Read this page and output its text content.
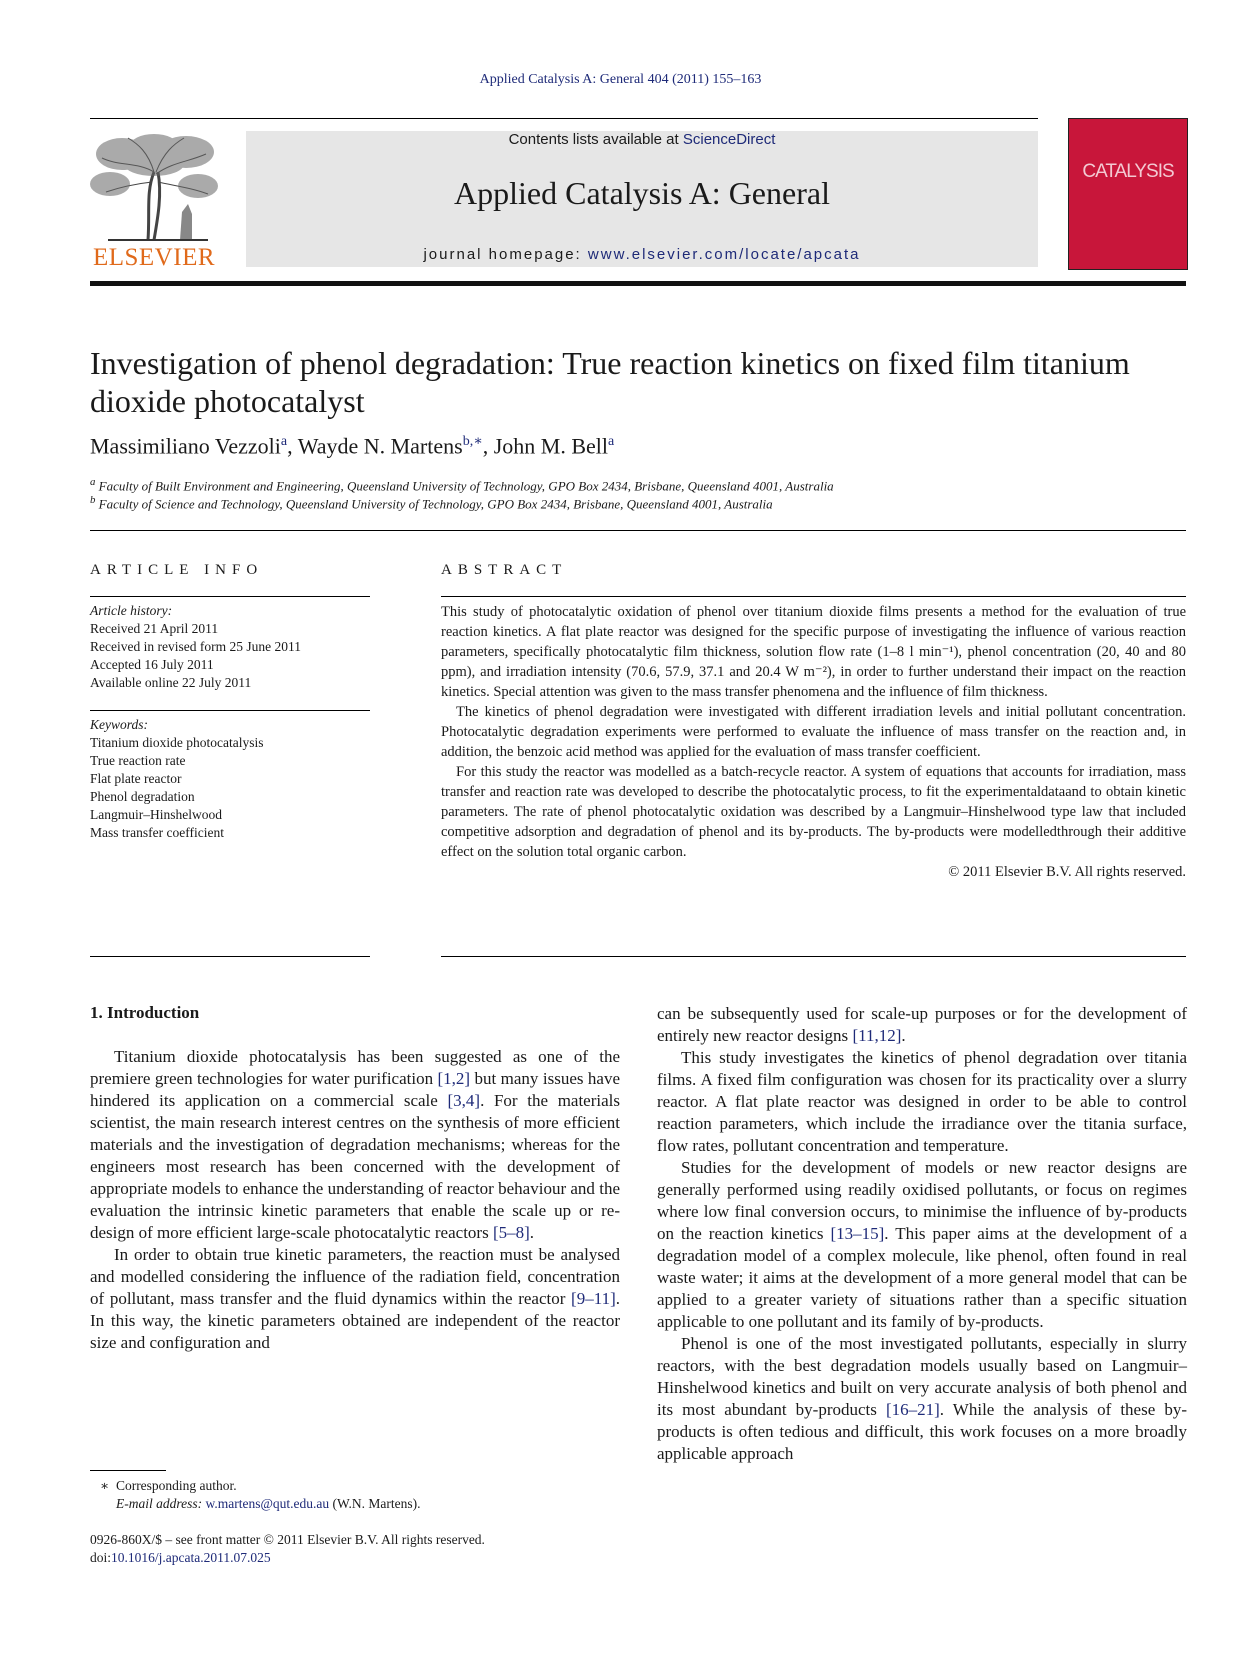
Applied Catalysis A: General 404 (2011) 155–163
ELSEVIER
Contents lists available at ScienceDirect
Applied Catalysis A: General
journal homepage: www.elsevier.com/locate/apcata
CATALYSIS
Investigation of phenol degradation: True reaction kinetics on fixed film titanium dioxide photocatalyst
Massimiliano Vezzoli$^a$, Wayde N. Martens$^{b,∗}$, John M. Bell$^a$
$^a$ Faculty of Built Environment and Engineering, Queensland University of Technology, GPO Box 2434, Brisbane, Queensland 4001, Australia
$^b$ Faculty of Science and Technology, Queensland University of Technology, GPO Box 2434, Brisbane, Queensland 4001, Australia
ARTICLE INFO
Article history:
Received 21 April 2011
Received in revised form 25 June 2011
Accepted 16 July 2011
Available online 22 July 2011
Keywords:
Titanium dioxide photocatalysis
True reaction rate
Flat plate reactor
Phenol degradation
Langmuir–Hinshelwood
Mass transfer coefficient
ABSTRACT

This study of photocatalytic oxidation of phenol over titanium dioxide films presents a method for the evaluation of true reaction kinetics. A flat plate reactor was designed for the specific purpose of investigating the influence of various reaction parameters, specifically photocatalytic film thickness, solution flow rate (1–8 l min⁻¹), phenol concentration (20, 40 and 80 ppm), and irradiation intensity (70.6, 57.9, 37.1 and 20.4 W m⁻²), in order to further understand their impact on the reaction kinetics. Special attention was given to the mass transfer phenomena and the influence of film thickness.

The kinetics of phenol degradation were investigated with different irradiation levels and initial pollutant concentration. Photocatalytic degradation experiments were performed to evaluate the influence of mass transfer on the reaction and, in addition, the benzoic acid method was applied for the evaluation of mass transfer coefficient.

For this study the reactor was modelled as a batch-recycle reactor. A system of equations that accounts for irradiation, mass transfer and reaction rate was developed to describe the photocatalytic process, to fit the experimentaldataand to obtain kinetic parameters. The rate of phenol photocatalytic oxidation was described by a Langmuir–Hinshelwood type law that included competitive adsorption and degradation of phenol and its by-products. The by-products were modelledthrough their additive effect on the solution total organic carbon.

© 2011 Elsevier B.V. All rights reserved.

1. Introduction

Titanium dioxide photocatalysis has been suggested as one of the premiere green technologies for water purification [1,2] but many issues have hindered its application on a commercial scale [3,4]. For the materials scientist, the main research interest centres on the synthesis of more efficient materials and the investigation of degradation mechanisms; whereas for the engineers most research has been concerned with the development of appropriate models to enhance the understanding of reactor behaviour and the evaluation the intrinsic kinetic parameters that enable the scale up or re-design of more efficient large-scale photocatalytic reactors [5–8].

In order to obtain true kinetic parameters, the reaction must be analysed and modelled considering the influence of the radiation field, concentration of pollutant, mass transfer and the fluid dynamics within the reactor [9–11]. In this way, the kinetic parameters obtained are independent of the reactor size and configuration and

can be subsequently used for scale-up purposes or for the development of entirely new reactor designs [11,12].

This study investigates the kinetics of phenol degradation over titania films. A fixed film configuration was chosen for its practicality over a slurry reactor. A flat plate reactor was designed in order to be able to control reaction parameters, which include the irradiance over the titania surface, flow rates, pollutant concentration and temperature.

Studies for the development of models or new reactor designs are generally performed using readily oxidised pollutants, or focus on regimes where low final conversion occurs, to minimise the influence of by-products on the reaction kinetics [13–15]. This paper aims at the development of a degradation model of a complex molecule, like phenol, often found in real waste water; it aims at the development of a more general model that can be applied to a greater variety of situations rather than a specific situation applicable to one pollutant and its family of by-products.

Phenol is one of the most investigated pollutants, especially in slurry reactors, with the best degradation models usually based on Langmuir–Hinshelwood kinetics and built on very accurate analysis of both phenol and its most abundant by-products [16–21]. While the analysis of these by-products is often tedious and difficult, this work focuses on a more broadly applicable approach

∗ Corresponding author.
E-mail address: w.martens@qut.edu.au (W.N. Martens).
0926-860X/$ – see front matter © 2011 Elsevier B.V. All rights reserved.
doi:10.1016/j.apcata.2011.07.025
